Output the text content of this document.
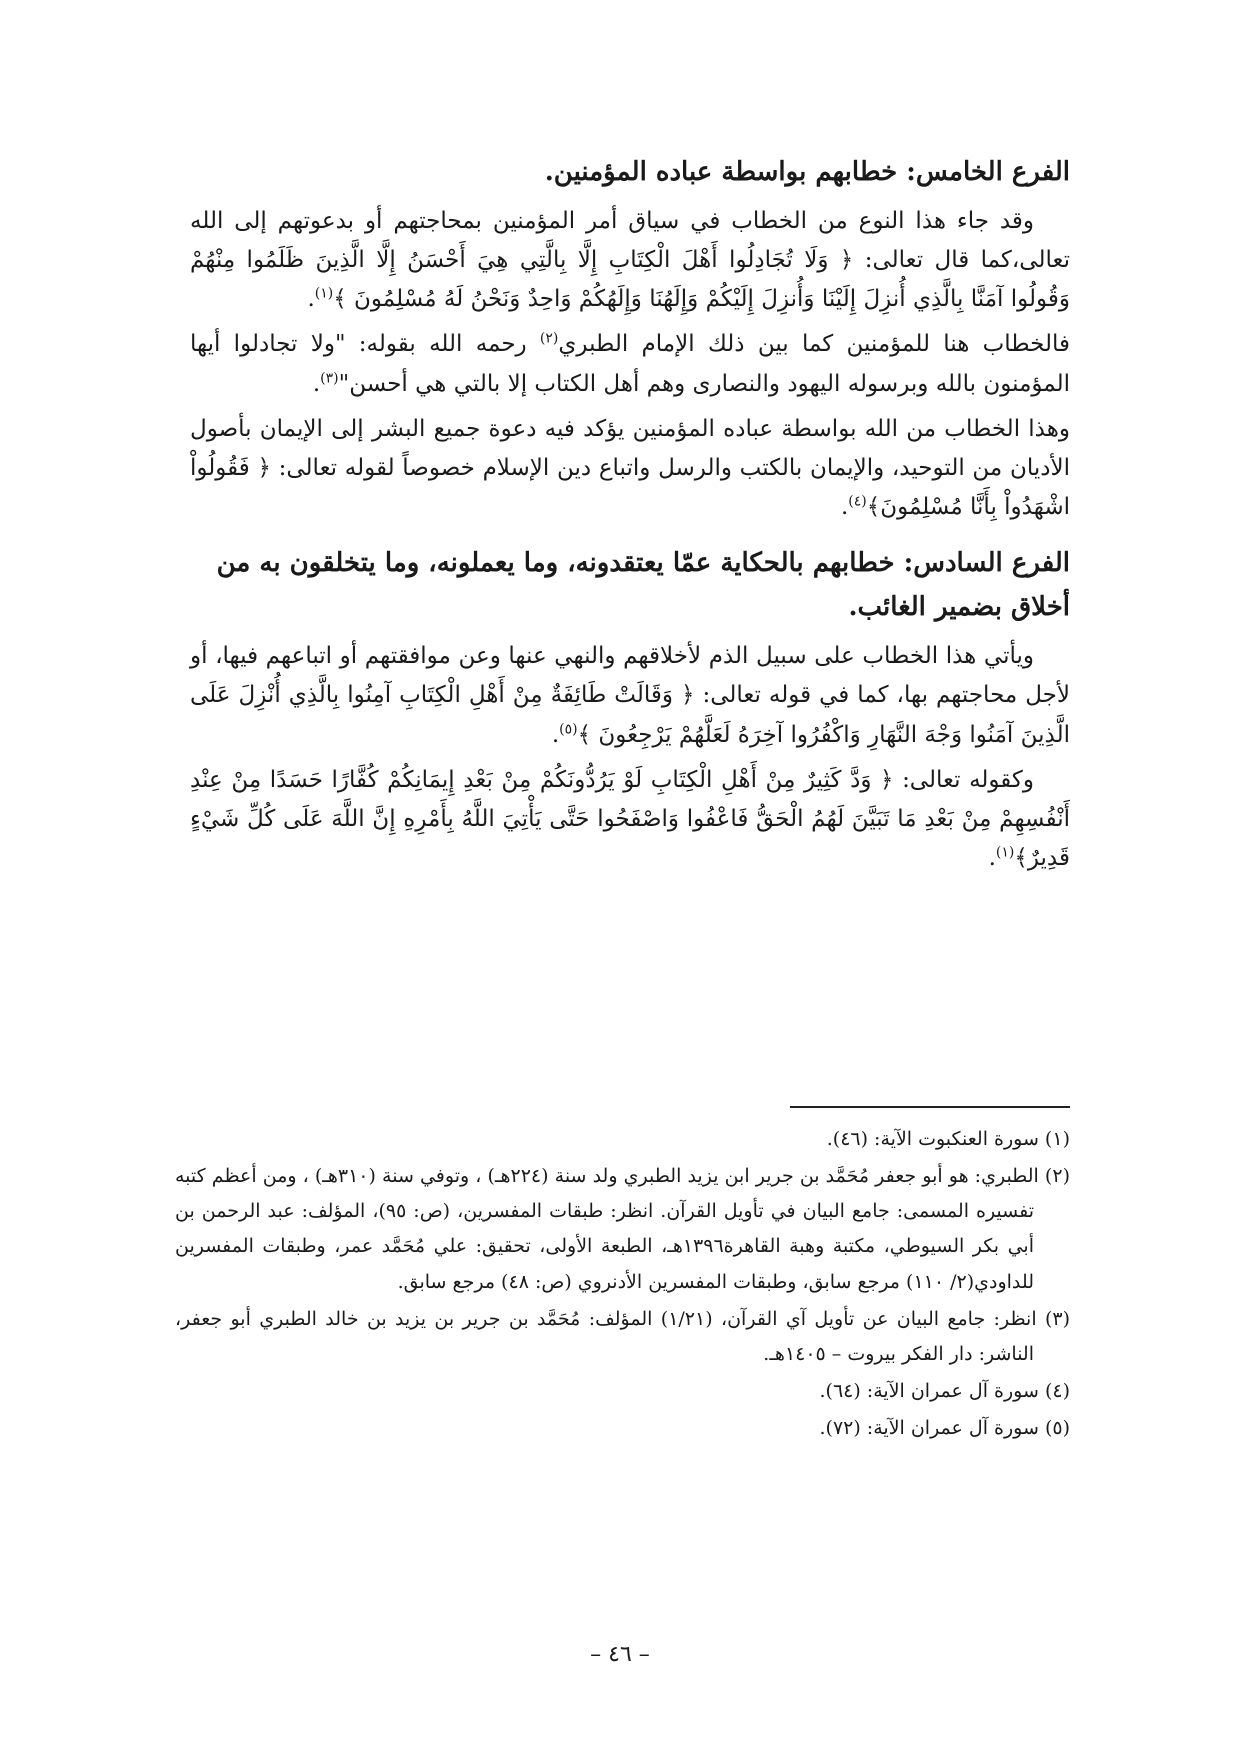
الفرع الخامس: خطابهم بواسطة عباده المؤمنين.

وقد جاء هذا النوع من الخطاب في سياق أمر المؤمنين بمحاجتهم أو بدعوتهم إلى الله تعالى،كما قال تعالى: ﴿ وَلَا تُجَادِلُوا أَهْلَ الْكِتَابِ إِلَّا بِالَّتِي هِيَ أَحْسَنُ إِلَّا الَّذِينَ ظَلَمُوا مِنْهُمْ وَقُولُوا آمَنَّا بِالَّذِي أُنزِلَ إِلَيْنَا وَأُنزِلَ إِلَيْكُمْ وَإِلَهُنَا وَإِلَهُكُمْ وَاحِدٌ وَنَحْنُ لَهُ مُسْلِمُونَ ﴾$^{(١)}$.

فالخطاب هنا للمؤمنين كما بين ذلك الإمام الطبري$^{(٢)}$ رحمه الله بقوله: "ولا تجادلوا أيها المؤمنون بالله وبرسوله اليهود والنصارى وهم أهل الكتاب إلا بالتي هي أحسن"$^{(٣)}$.

وهذا الخطاب من الله بواسطة عباده المؤمنين يؤكد فيه دعوة جميع البشر إلى الإيمان بأصول الأديان من التوحيد، والإيمان بالكتب والرسل واتباع دين الإسلام خصوصاً لقوله تعالى: ﴿ فَقُولُواْ اشْهَدُواْ بِأَنَّا مُسْلِمُونَ﴾$^{(٤)}$.

الفرع السادس: خطابهم بالحكاية عمّا يعتقدونه، وما يعملونه، وما يتخلقون به من أخلاق بضمير الغائب.

ويأتي هذا الخطاب على سبيل الذم لأخلاقهم والنهي عنها وعن موافقتهم أو اتباعهم فيها، أو لأجل محاجتهم بها، كما في قوله تعالى: ﴿ وَقَالَتْ طَائِفَةٌ مِنْ أَهْلِ الْكِتَابِ آمِنُوا بِالَّذِي أُنْزِلَ عَلَى الَّذِينَ آمَنُوا وَجْهَ النَّهَارِ وَاكْفُرُوا آخِرَهُ لَعَلَّهُمْ يَرْجِعُونَ ﴾$^{(٥)}$.

وكقوله تعالى: ﴿ وَدَّ كَثِيرٌ مِنْ أَهْلِ الْكِتَابِ لَوْ يَرُدُّونَكُمْ مِنْ بَعْدِ إِيمَانِكُمْ كُفَّارًا حَسَدًا مِنْ عِنْدِ أَنْفُسِهِمْ مِنْ بَعْدِ مَا تَبَيَّنَ لَهُمُ الْحَقُّ فَاعْفُوا وَاصْفَحُوا حَتَّى يَأْتِيَ اللَّهُ بِأَمْرِهِ إِنَّ اللَّهَ عَلَى كُلِّ شَيْءٍ قَدِيرٌ﴾$^{(١)}$.

(١) سورة العنكبوت الآية: (٤٦).

(٢) الطبري: هو أبو جعفر مُحَمَّد بن جرير ابن يزيد الطبري ولد سنة (٢٢٤هـ) ، وتوفي سنة (٣١٠هـ) ، ومن أعظم كتبه تفسيره المسمى: جامع البيان في تأويل القرآن. انظر: طبقات المفسرين، (ص: ٩٥)، المؤلف: عبد الرحمن بن أبي بكر السيوطي، مكتبة وهبة القاهرة١٣٩٦هـ، الطبعة الأولى، تحقيق: علي مُحَمَّد عمر، وطبقات المفسرين للداودي(٢/ ١١٠) مرجع سابق، وطبقات المفسرين الأدنروي (ص: ٤٨) مرجع سابق.

(٣) انظر: جامع البيان عن تأويل آي القرآن، (١/٢١) المؤلف: مُحَمَّد بن جرير بن يزيد بن خالد الطبري أبو جعفر، الناشر: دار الفكر بيروت – ١٤٠٥هـ.

(٤) سورة آل عمران الآية: (٦٤).

(٥) سورة آل عمران الآية: (٧٢).

– ٤٦ –
